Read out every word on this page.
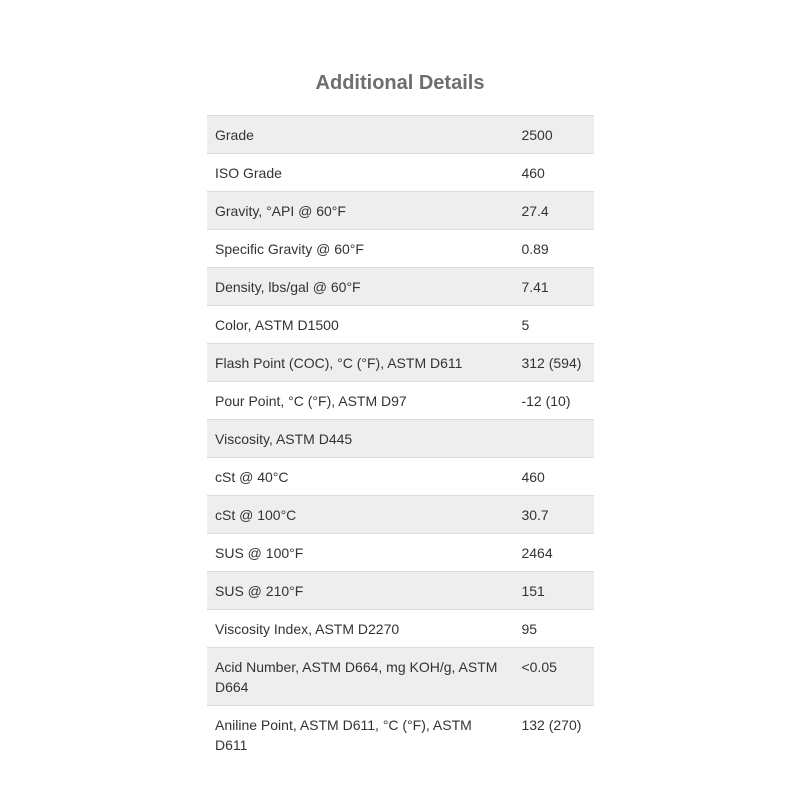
Additional Details
Grade	2500
ISO Grade	460
Gravity, °API @ 60°F	27.4
Specific Gravity @ 60°F	0.89
Density, lbs/gal @ 60°F	7.41
Color, ASTM D1500	5
Flash Point (COC), °C (°F), ASTM D611	312 (594)
Pour Point, °C (°F), ASTM D97	-12 (10)
Viscosity, ASTM D445	
cSt @ 40°C	460
cSt @ 100°C	30.7
SUS @ 100°F	2464
SUS @ 210°F	151
Viscosity Index, ASTM D2270	95
Acid Number, ASTM D664, mg KOH/g, ASTM D664	<0.05
Aniline Point, ASTM D611, °C (°F), ASTM D611	132 (270)
